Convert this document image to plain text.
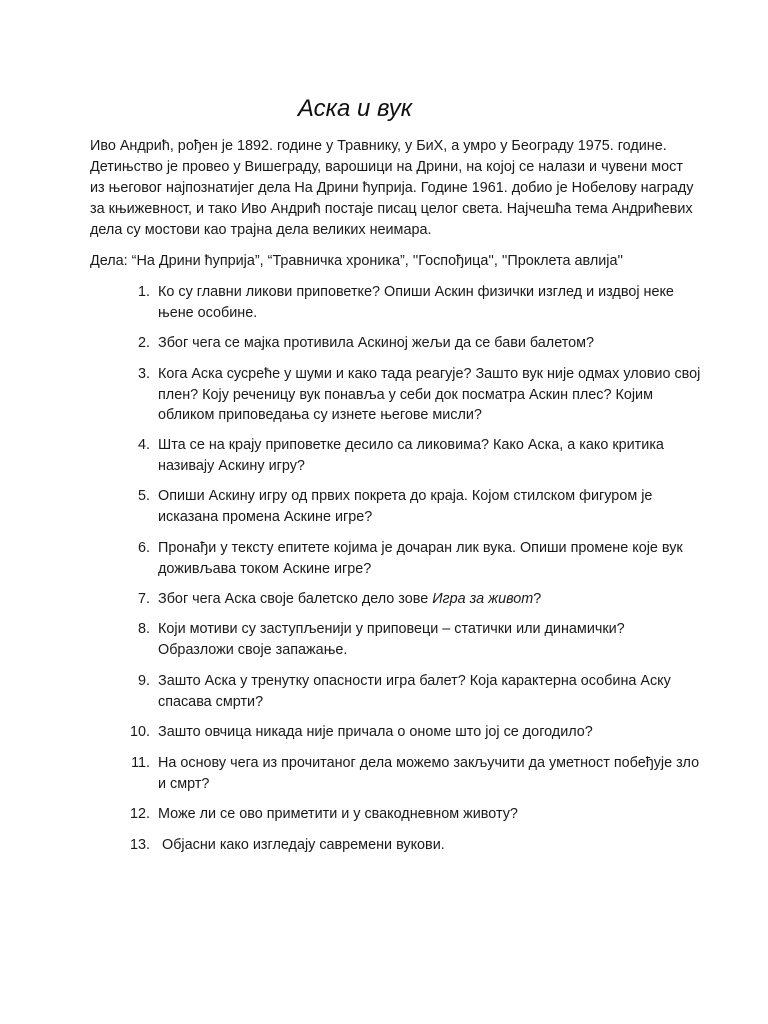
Аска и вук
Иво Андрић, рођен је 1892. године у Травнику, у БиХ, а умро у Београду 1975. године.
Детињство је провео у Вишеграду, варошици на Дрини, на којој се налази и чувени мост
из његовог најпознатијег дела На Дрини ћуприја. Године 1961. добио је Нобелову награду
за књижевност, и тако Иво Андрић постаје писац целог света. Најчешћа тема Андрићевих
дела су мостови као трајна дела великих неимара.
Дела: “На Дрини ћуприја”, “Травничка хроника”, ''Госпођица'', ''Проклета авлија''
1. Ко су главни ликови приповетке? Опиши Аскин физички изглед и издвој неке
њене особине.
2. Због чега се мајка противила Аскиној жељи да се бави балетом?
3. Кога Аска сусреће у шуми и како тада реагује? Зашто вук није одмах уловио свој
плен? Коју реченицу вук понавља у себи док посматра Аскин плес? Којим
обликом приповедања су изнете његове мисли?
4. Шта се на крају приповетке десило са ликовима? Како Аска, а како критика
називају Аскину игру?
5. Опиши Аскину игру од првих покрета до краја. Којом стилском фигуром је
исказана промена Аскине игре?
6. Пронађи у тексту епитете којима је дочаран лик вука. Опиши промене које вук
доживљава током Аскине игре?
7. Због чега Аска своје балетско дело зове Игра за живот?
8. Који мотиви су заступљенији у приповеци – статички или динамички?
Образложи своје запажање.
9. Зашто Аска у тренутку опасности игра балет? Која карактерна особина Аску
спасава смрти?
10. Зашто овчица никада није причала о ономе што јој се догодило?
11. На основу чега из прочитаног дела можемо закључити да уметност побеђује зло
и смрт?
12. Може ли се ово приметити и у свакодневном животу?
13. Објасни како изгледају савремени вукови.
